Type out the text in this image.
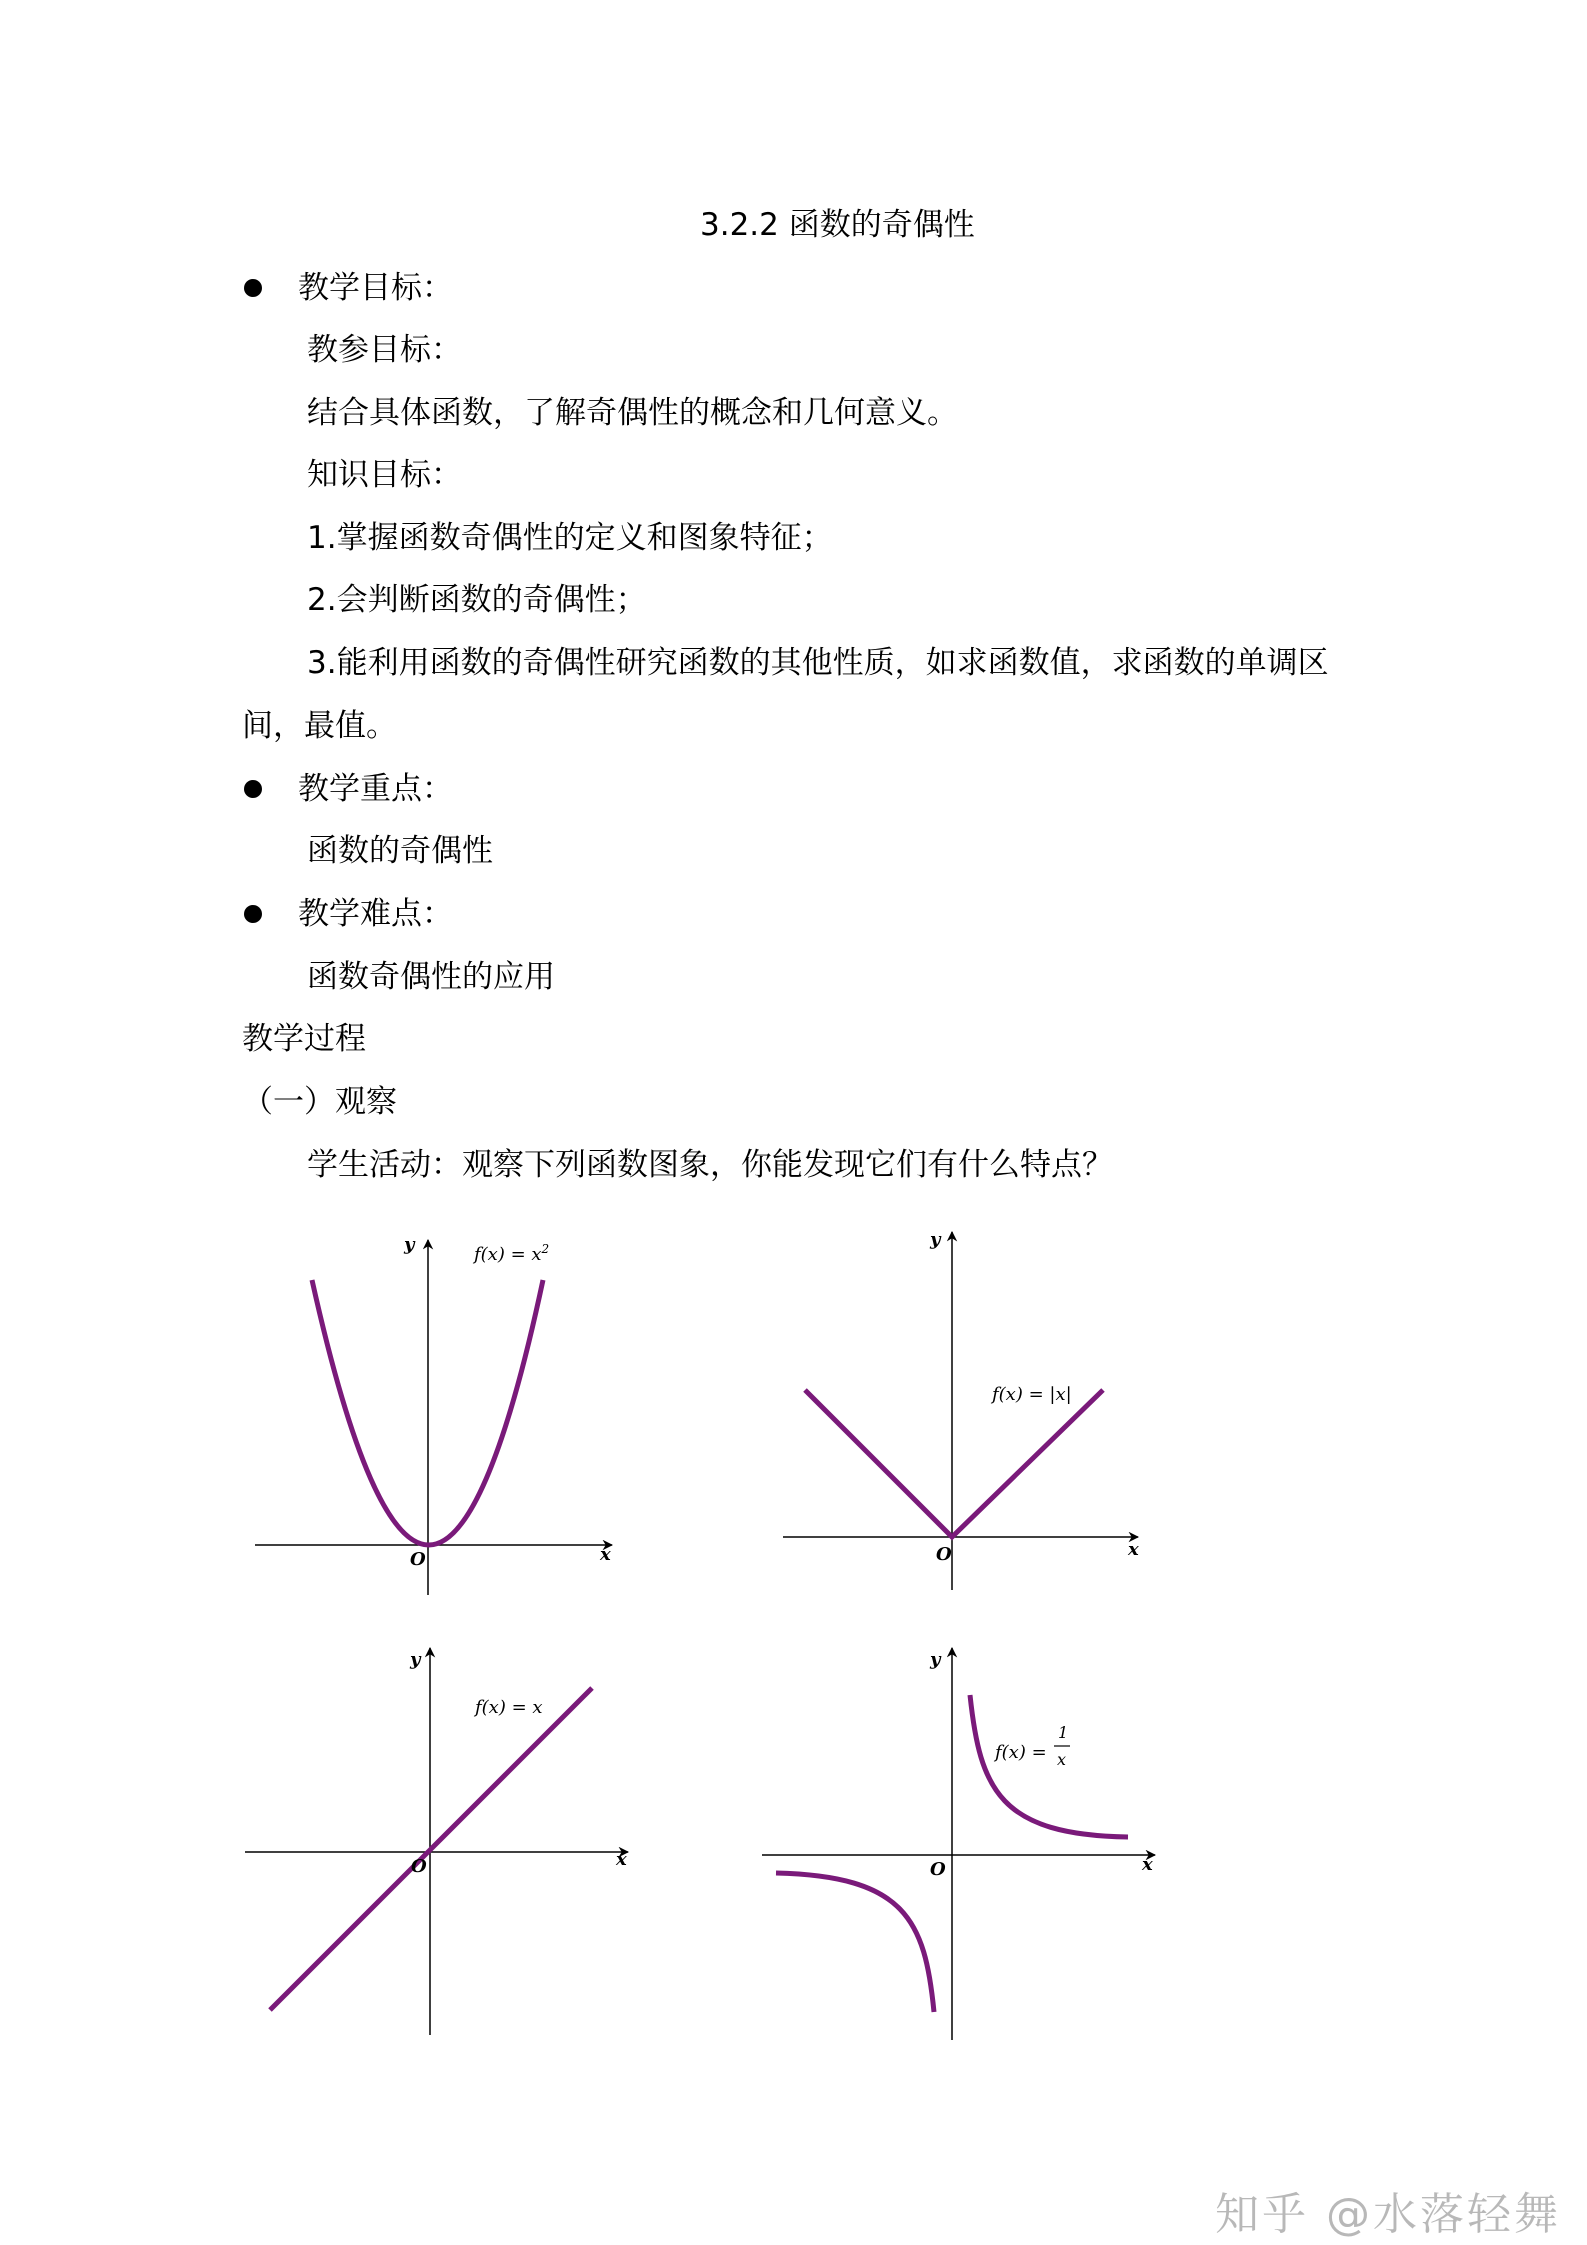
3.2.2 函数的奇偶性
教学目标：
教参目标：
结合具体函数，了解奇偶性的概念和几何意义。
知识目标：
1.掌握函数奇偶性的定义和图象特征；
2.会判断函数的奇偶性；
3.能利用函数的奇偶性研究函数的其他性质，如求函数值，求函数的单调区
间，最值。
教学重点：
函数的奇偶性
教学难点：
函数奇偶性的应用
教学过程
（一）观察
学生活动：观察下列函数图象，你能发现它们有什么特点？
y
x
O
$f(x) = x^2$	y
x
O
f(x) = |x|
y
x
O
f(x) = x
y
x
O
f(x) =
1
x
知乎 @水落轻舞
